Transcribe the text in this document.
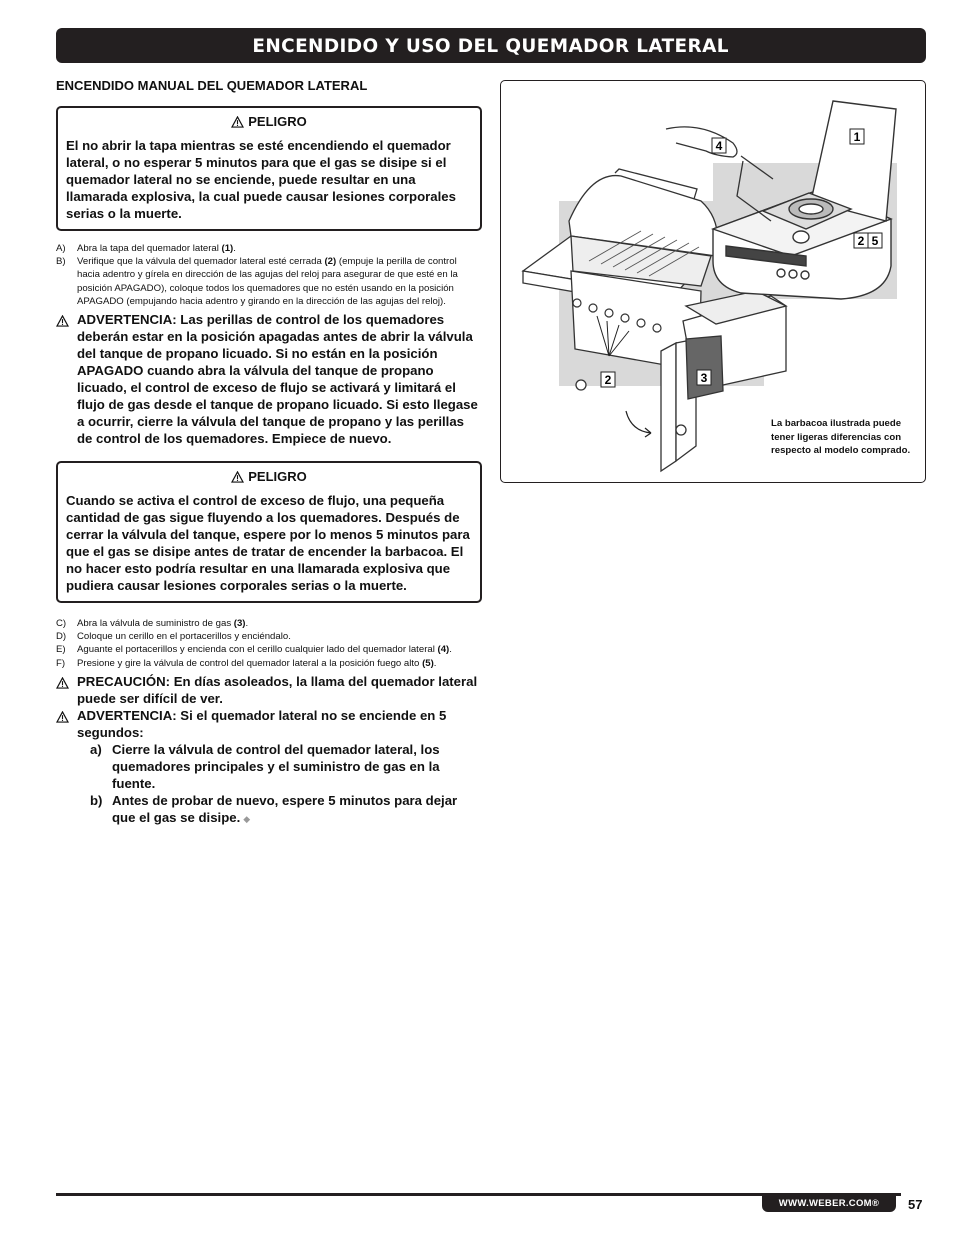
ENCENDIDO Y USO DEL QUEMADOR LATERAL
ENCENDIDO MANUAL DEL QUEMADOR LATERAL
PELIGRO
El no abrir la tapa mientras se esté encendiendo el quemador lateral, o no esperar 5 minutos para que el gas se disipe si el quemador lateral no se enciende, puede resultar en una llamarada explosiva, la cual puede causar lesiones corporales serias o la muerte.
A)	Abra la tapa del quemador lateral (1).
B)	Verifique que la válvula del quemador lateral esté cerrada (2) (empuje la perilla de control hacia adentro y gírela en dirección de las agujas del reloj para asegurar de que esté en la posición APAGADO), coloque todos los quemadores que no estén usando en la posición APAGADO (empujando hacia adentro y girando en la dirección de las agujas del reloj).
ADVERTENCIA: Las perillas de control de los quemadores deberán estar en la posición apagadas antes de abrir la válvula del tanque de propano licuado. Si no están en la posición APAGADO cuando abra la válvula del tanque de propano licuado, el control de exceso de flujo se activará y limitará el flujo de gas desde el tanque de propano licuado. Si esto llegase a ocurrir, cierre la válvula del tanque de propano y las perillas de control de los quemadores. Empiece de nuevo.
PELIGRO
Cuando se activa el control de exceso de flujo, una pequeña cantidad de gas sigue fluyendo a los quemadores. Después de cerrar la válvula del tanque, espere por lo menos 5 minutos para que el gas se disipe antes de tratar de encender la barbacoa. El no hacer esto podría resultar en una llamarada explosiva que pudiera causar lesiones corporales serias o la muerte.
C)	Abra la válvula de suministro de gas (3).
D)	Coloque un cerillo en el portacerillos y enciéndalo.
E)	Aguante el portacerillos y encienda con el cerillo cualquier lado del quemador lateral (4).
F)	Presione y gire la válvula de control del quemador lateral a la posición fuego alto (5).
PRECAUCIÓN: En días asoleados, la llama del quemador lateral puede ser difícil de ver.
ADVERTENCIA: Si el quemador lateral no se enciende en 5 segundos:
a) Cierre la válvula de control del quemador lateral, los quemadores principales y el suministro de gas en la fuente.
b) Antes de probar de nuevo, espere 5 minutos para dejar que el gas se disipe. ◆
1
4
2 5
2	3
La barbacoa ilustrada puede tener ligeras diferencias con respecto al modelo comprado.
WWW.WEBER.COM®	57
